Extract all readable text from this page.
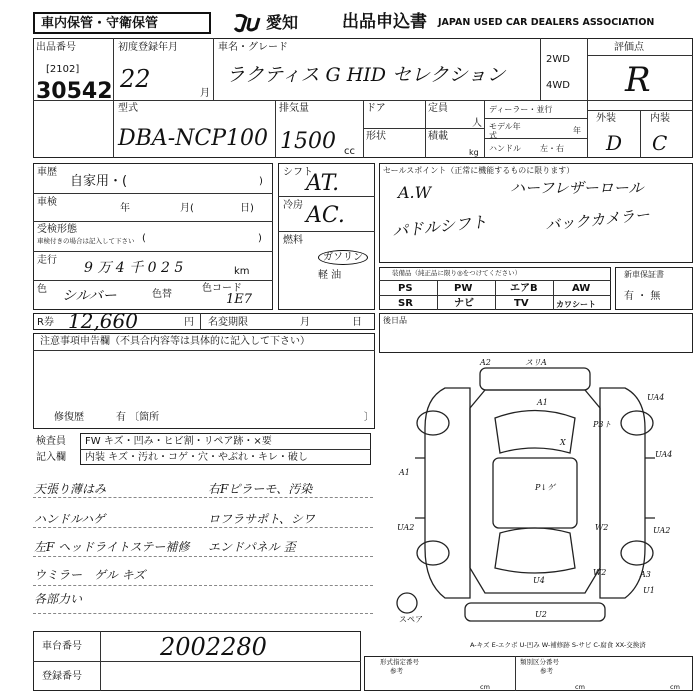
車内保管・守衛保管	愛知	出品申込書 JAPAN USED CAR DEALERS ASSOCIATION
出品番号
[2102]
30542
初度登録年月
22
月
車名・グレード
ラクティス G HID セレクション
2WD
4WD
評価点
R
型式
DBA-NCP100
排気量
1500 cc
ドア
形状
定員
人
積載
kg
ディーラー・並行
モデル年式
年
ハンドル 左・右
外装	内装
D C
車歴
自家用・(	)
車検
年	月(	日)
受検形態
車検付きの場合は記入して下さい (	)
走行 9 万 4 千 0 2 5	km
色 シルバー	色替
色コード
1E7
シフト
AT.
冷房 AC.
燃料
ガソリン
軽 油
セールスポイント（正常に機能するものに限ります）
A.W
パドルシフト
ハーフレザーロール
バックカメラー
装備品（純正品に限り◎をつけてください）
PS	PW	エアB	AW
SR	ナビ	TV	カワシート
新車保証書
有 ・ 無
R券 12,660	円 名変期限	月	日	後日品
注意事項申告欄（不具合内容等は具体的に記入して下さい）
修復歴	有 〔箇所	〕
検査員
記入欄
FW キズ・凹み・ヒビ割・リペア跡・×要
内装 キズ・汚れ・コゲ・穴・やぶれ・キレ・破し
天張り薄はみ
ハンドルハゲ
左F ヘッドライトステー補修
ウミラー　ゲル キズ
各部力い
右Fピラーモ、汚染
ロフラサポト、シワ
エンドパネル 歪
A2	スリA
A1
UA4
P3ト
X
UA4
A1
P↓ゲ
UA2	W2	UA2
U4
W2	A3
U1
U2
スペア
A-キズ E-エクボ U-凹み W-補修跡 S-サビ C-腐食 XX-交換済
車台番号	2002280
登録番号
形式指定番号	類別区分番号
参考	参考
cm	cm	cm
